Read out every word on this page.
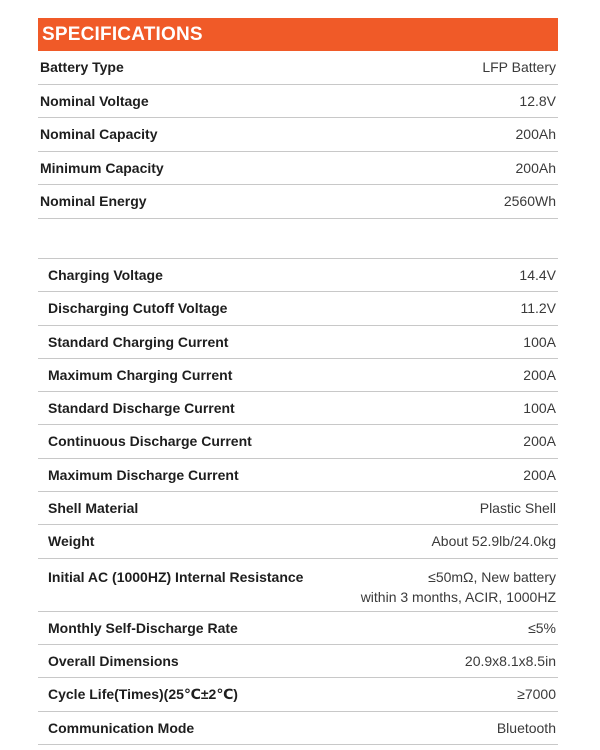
SPECIFICATIONS
Battery Type	LFP Battery
Nominal Voltage	12.8V
Nominal Capacity	200Ah
Minimum Capacity	200Ah
Nominal Energy	2560Wh
Charging Voltage	14.4V
Discharging Cutoff Voltage	11.2V
Standard Charging Current	100A
Maximum Charging Current	200A
Standard Discharge Current	100A
Continuous Discharge Current	200A
Maximum Discharge Current	200A
Shell Material	Plastic Shell
Weight	About 52.9lb/24.0kg
Initial AC (1000HZ) Internal Resistance	≤50mΩ, New battery
within 3 months, ACIR, 1000HZ
Monthly Self-Discharge Rate	≤5%
Overall Dimensions	20.9x8.1x8.5in
Cycle Life(Times)(25℃±2℃)	≥7000
Communication Mode	Bluetooth
